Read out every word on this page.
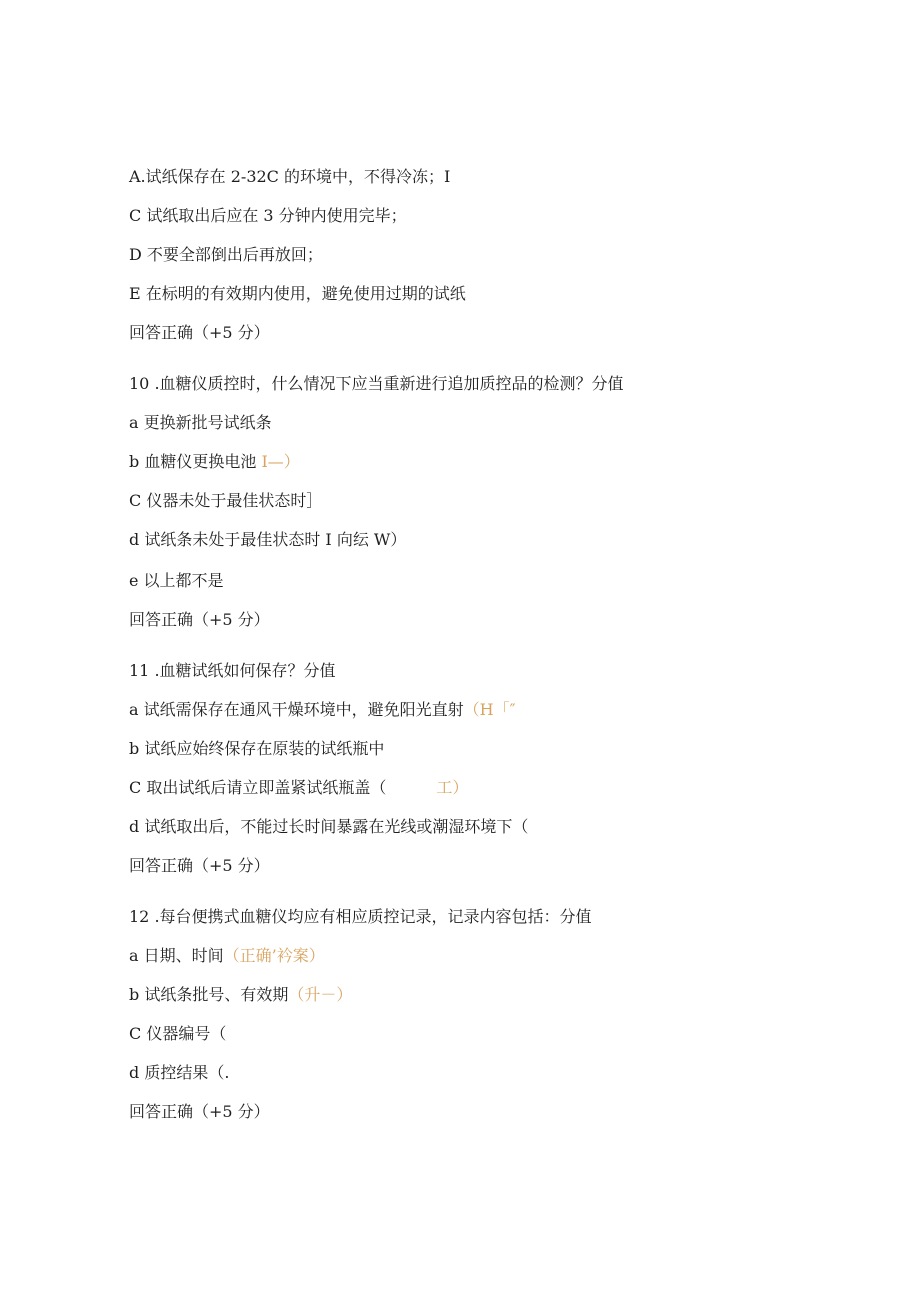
A.试纸保存在 2-32C 的环境中，不得冷冻；I
C 试纸取出后应在 3 分钟内使用完毕；
D 不要全部倒出后再放回；
E 在标明的有效期内使用，避免使用过期的试纸
回答正确（+5 分）
10 .血糖仪质控时，什么情况下应当重新进行追加质控品的检测？分值
a 更换新批号试纸条
b 血糖仪更换电池 I—）
C 仪器未处于最佳状态时］
d 试纸条未处于最佳状态时 I 向纭 W）
e 以上都不是
回答正确（+5 分）
11 .血糖试纸如何保存？分值
a 试纸需保存在通风干燥环境中，避免阳光直射（H「″
b 试纸应始终保存在原装的试纸瓶中
C 取出试纸后请立即盖紧试纸瓶盖（	工）
d 试纸取出后，不能过长时间暴露在光线或潮湿环境下（
回答正确（+5 分）
12 .每台便携式血糖仪均应有相应质控记录，记录内容包括：分值
a 日期、时间（正确’衿案）
b 试纸条批号、有效期（升－）
C 仪器编号（
d 质控结果（.
回答正确（+5 分）
